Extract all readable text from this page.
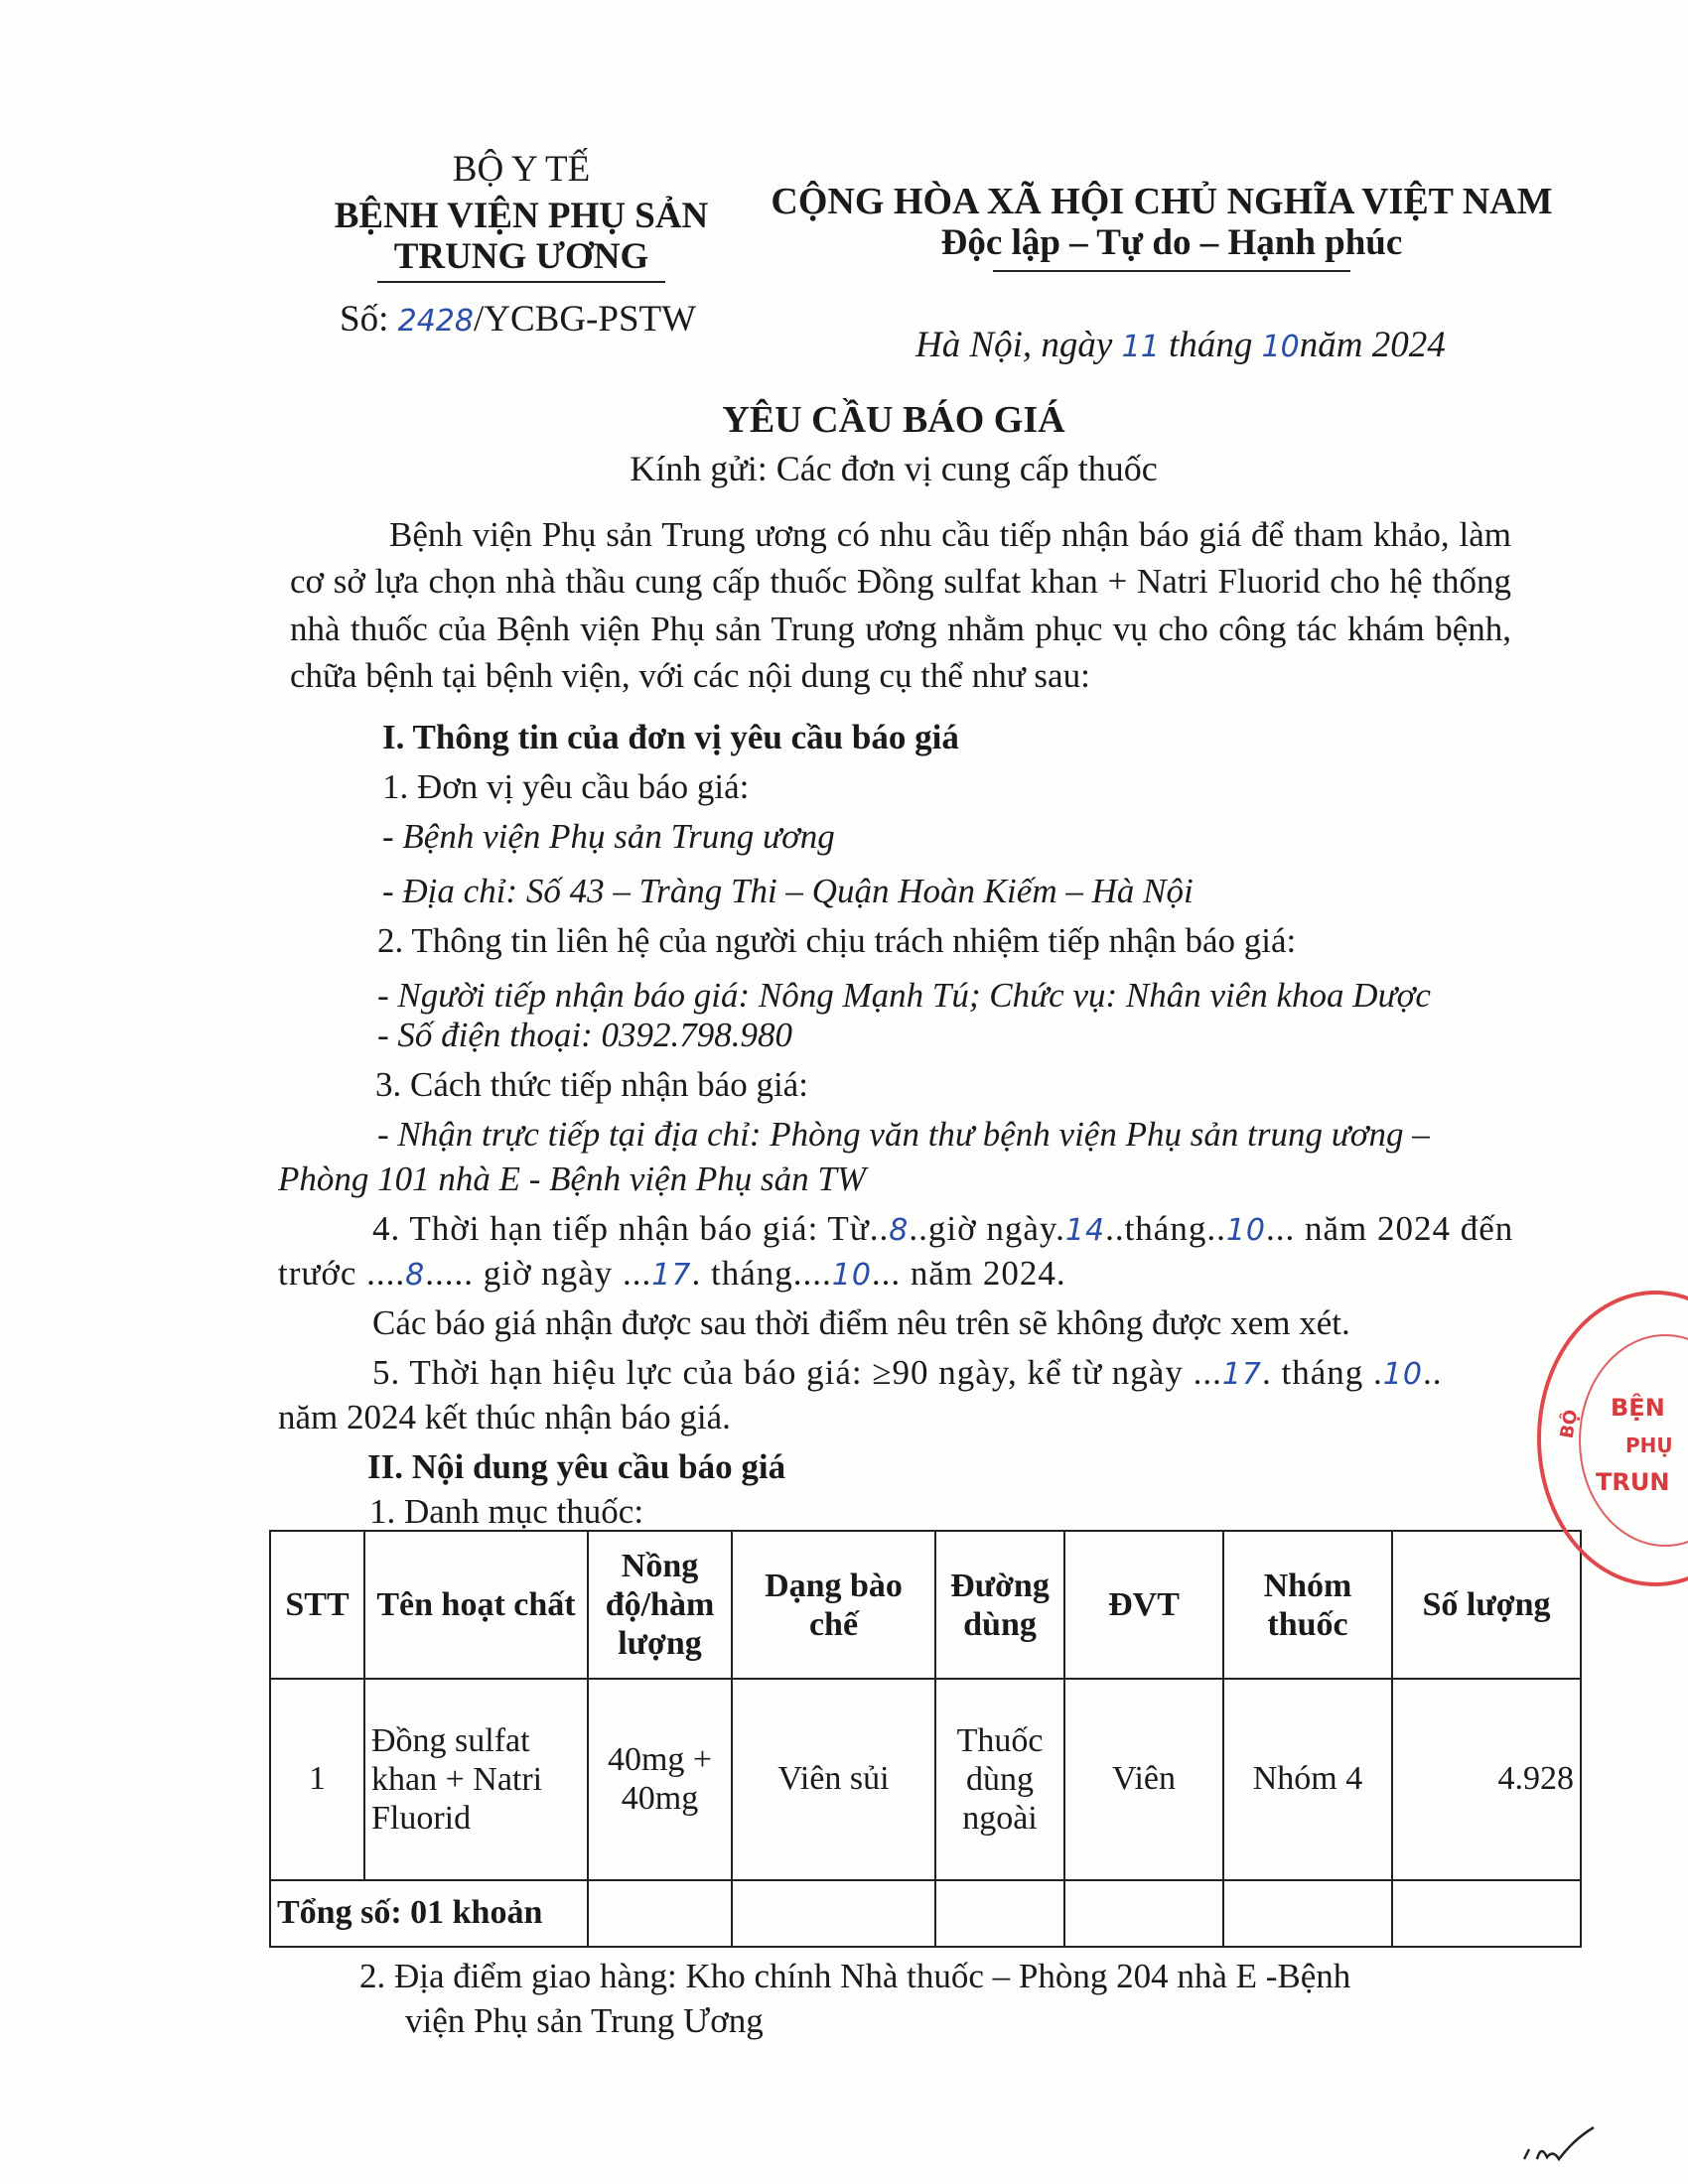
BỘ Y TẾ
BỆNH VIỆN PHỤ SẢN
TRUNG ƯƠNG
Số: 2428/YCBG-PSTW
CỘNG HÒA XÃ HỘI CHỦ NGHĨA VIỆT NAM
Độc lập – Tự do – Hạnh phúc
Hà Nội, ngày 11 tháng 10năm 2024
YÊU CẦU BÁO GIÁ
Kính gửi: Các đơn vị cung cấp thuốc
Bệnh viện Phụ sản Trung ương có nhu cầu tiếp nhận báo giá để tham khảo, làm cơ sở lựa chọn nhà thầu cung cấp thuốc Đồng sulfat khan + Natri Fluorid cho hệ thống nhà thuốc của Bệnh viện Phụ sản Trung ương nhằm phục vụ cho công tác khám bệnh, chữa bệnh tại bệnh viện, với các nội dung cụ thể như sau:
I. Thông tin của đơn vị yêu cầu báo giá
1. Đơn vị yêu cầu báo giá:
- Bệnh viện Phụ sản Trung ương
- Địa chỉ: Số 43 – Tràng Thi – Quận Hoàn Kiếm – Hà Nội
2. Thông tin liên hệ của người chịu trách nhiệm tiếp nhận báo giá:
- Người tiếp nhận báo giá: Nông Mạnh Tú; Chức vụ: Nhân viên khoa Dược
- Số điện thoại: 0392.798.980
3. Cách thức tiếp nhận báo giá:
- Nhận trực tiếp tại địa chỉ: Phòng văn thư bệnh viện Phụ sản trung ương –
Phòng 101 nhà E - Bệnh viện Phụ sản TW
4. Thời hạn tiếp nhận báo giá: Từ..8..giờ ngày.14..tháng..10... năm 2024 đến
trước ....8..... giờ ngày ...17. tháng....10... năm 2024.
Các báo giá nhận được sau thời điểm nêu trên sẽ không được xem xét.
5. Thời hạn hiệu lực của báo giá: ≥90 ngày, kể từ ngày ...17. tháng .10..
năm 2024 kết thúc nhận báo giá.
II. Nội dung yêu cầu báo giá
1. Danh mục thuốc:
STT	Tên hoạt chất	Nồng độ/hàm lượng	Dạng bào chế	Đường dùng	ĐVT	Nhóm thuốc	Số lượng
1	Đồng sulfat khan + Natri Fluorid	40mg + 40mg	Viên sủi	Thuốc dùng ngoài	Viên	Nhóm 4	4.928
Tổng số: 01 khoản							
2. Địa điểm giao hàng: Kho chính Nhà thuốc – Phòng 204 nhà E -Bệnh
viện Phụ sản Trung Ương
BỆN
PHỤ
TRUN
BỘ
